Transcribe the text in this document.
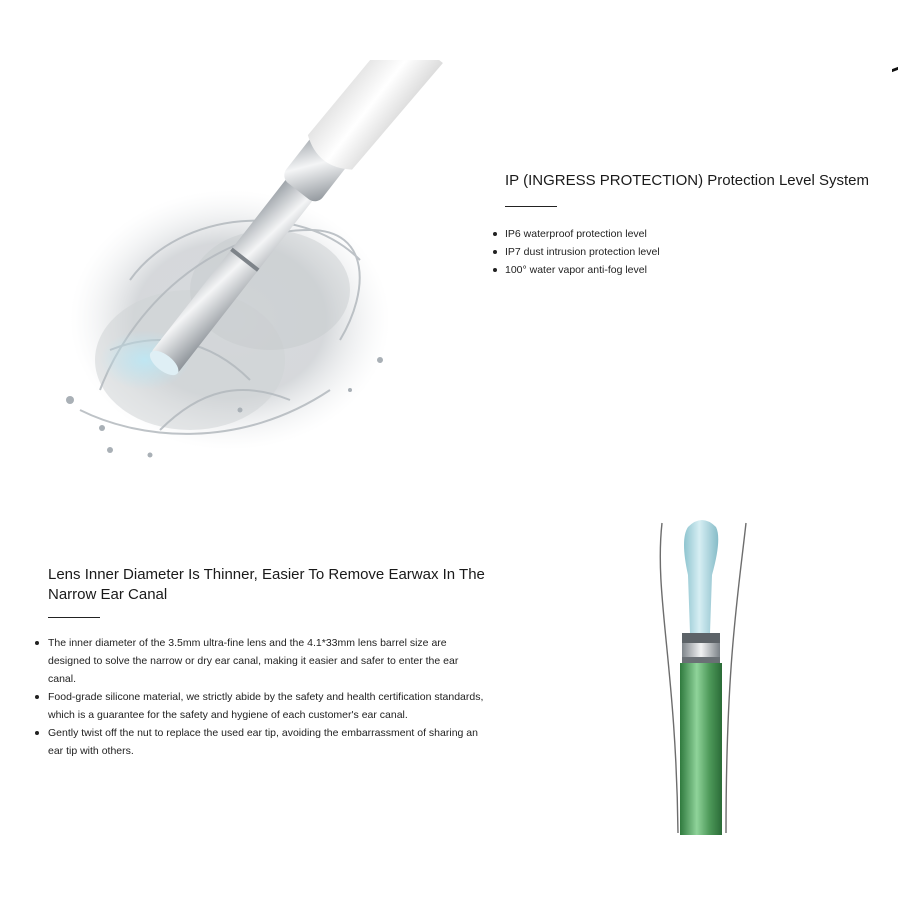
IP (INGRESS PROTECTION) Protection Level System
IP6 waterproof protection level
IP7 dust intrusion protection level
100° water vapor anti-fog level
Lens Inner Diameter Is Thinner, Easier To Remove Earwax In The Narrow Ear Canal
The inner diameter of the 3.5mm ultra-fine lens and the 4.1*33mm lens barrel size are designed to solve the narrow or dry ear canal, making it easier and safer to enter the ear canal.
Food-grade silicone material, we strictly abide by the safety and health certification standards, which is a guarantee for the safety and hygiene of each customer's ear canal.
Gently twist off the nut to replace the used ear tip, avoiding the embarrassment of sharing an ear tip with others.
